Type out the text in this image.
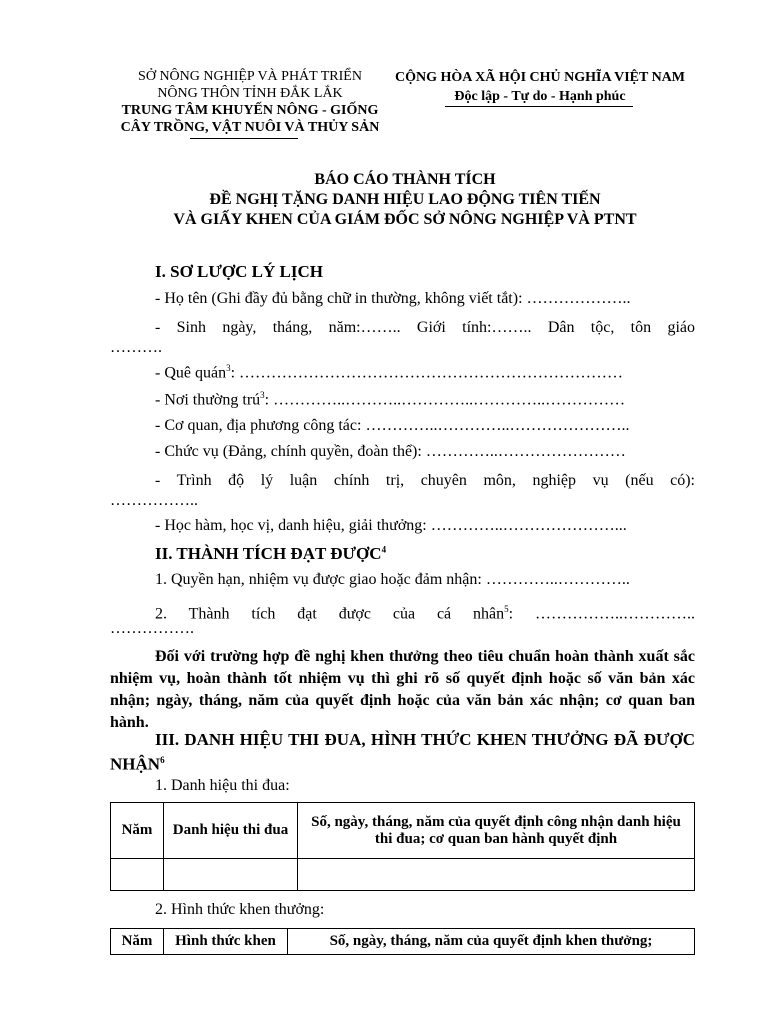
SỞ NÔNG NGHIỆP VÀ PHÁT TRIỂN
NÔNG THÔN TỈNH ĐẮK LẮK
TRUNG TÂM KHUYẾN NÔNG - GIỐNG
CÂY TRỒNG, VẬT NUÔI VÀ THỦY SẢN
CỘNG HÒA XÃ HỘI CHỦ NGHĨA VIỆT NAM
Độc lập - Tự do - Hạnh phúc
BÁO CÁO THÀNH TÍCH
ĐỀ NGHỊ TẶNG DANH HIỆU LAO ĐỘNG TIÊN TIẾN
VÀ GIẤY KHEN CỦA GIÁM ĐỐC SỞ NÔNG NGHIỆP VÀ PTNT
I. SƠ LƯỢC LÝ LỊCH
- Họ tên (Ghi đầy đủ bằng chữ in thường, không viết tắt): ………………..
- Sinh ngày, tháng, năm:…….. Giới tính:…….. Dân tộc, tôn giáo
……….
- Quê quán$^3$: ………………………………………………………………
- Nơi thường trú$^3$: …………..………..…………..…………..……………
- Cơ quan, địa phương công tác: …………..…………..…………………..
- Chức vụ (Đảng, chính quyền, đoàn thể): …………..……………………
- Trình độ lý luận chính trị, chuyên môn, nghiệp vụ (nếu có):
……………..
- Học hàm, học vị, danh hiệu, giải thưởng: …………..…………………...
II. THÀNH TÍCH ĐẠT ĐƯỢC$^4$
1. Quyền hạn, nhiệm vụ được giao hoặc đảm nhận: …………..…………..
2. Thành tích đạt được của cá nhân$^5$: ……………..…………..
…………….
Đối với trường hợp đề nghị khen thưởng theo tiêu chuẩn hoàn thành xuất sắc nhiệm vụ, hoàn thành tốt nhiệm vụ thì ghi rõ số quyết định hoặc số văn bản xác nhận; ngày, tháng, năm của quyết định hoặc của văn bản xác nhận; cơ quan ban hành.
III. DANH HIỆU THI ĐUA, HÌNH THỨC KHEN THƯỞNG ĐÃ ĐƯỢC NHẬN$^6$
1. Danh hiệu thi đua:
Năm	Danh hiệu thi đua	Số, ngày, tháng, năm của quyết định công nhận danh hiệu thi đua; cơ quan ban hành quyết định

2. Hình thức khen thưởng:
Năm	Hình thức khen	Số, ngày, tháng, năm của quyết định khen thưởng;
